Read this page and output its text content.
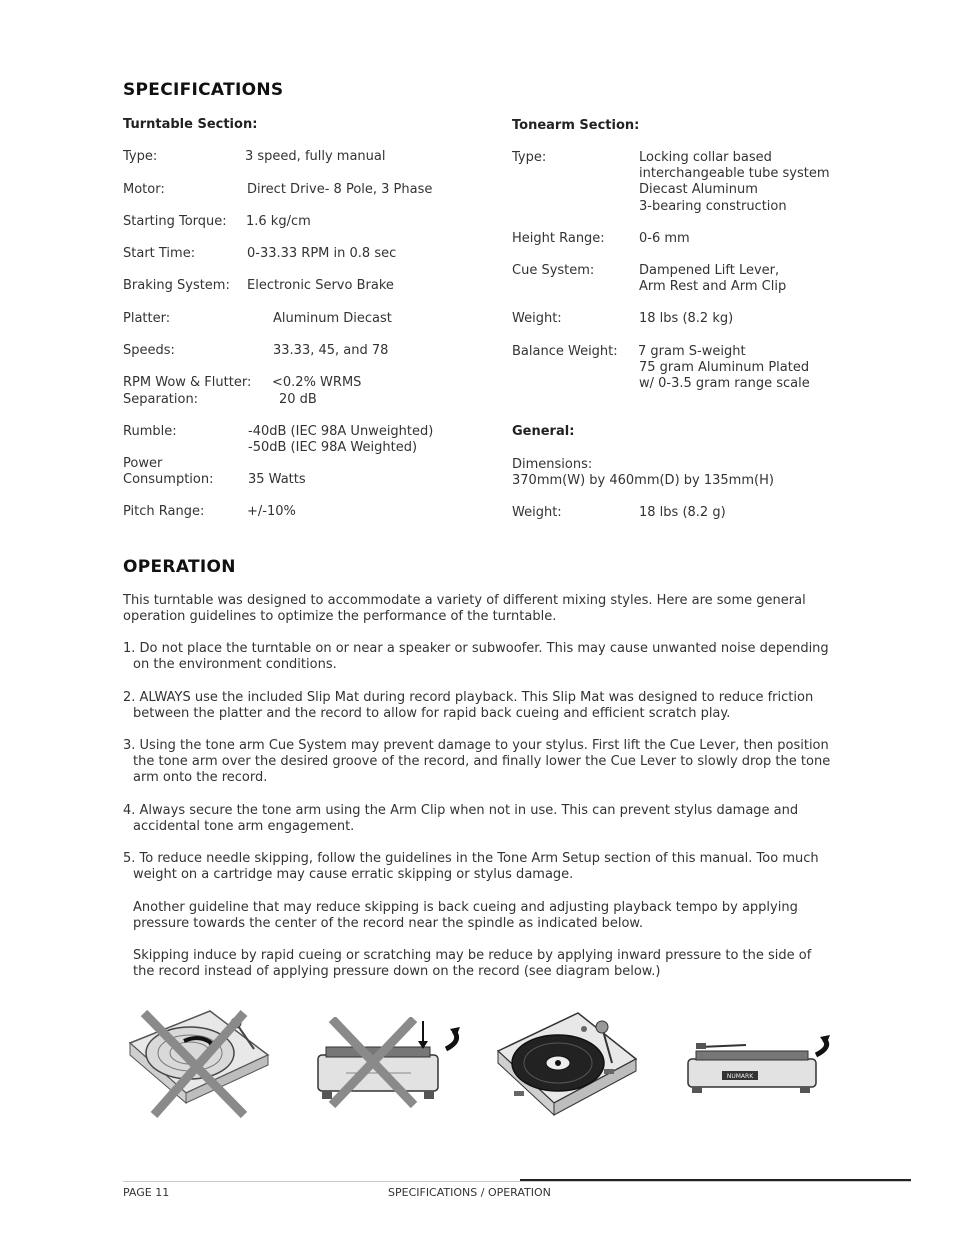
SPECIFICATIONS
Turntable Section:
Type:	3 speed, fully manual
Motor:	Direct Drive- 8 Pole, 3 Phase
Starting Torque: 1.6 kg/cm
Start Time:	0-33.33 RPM in 0.8 sec
Braking System: Electronic Servo Brake
Platter:	Aluminum Diecast
Speeds:	33.33, 45, and 78
RPM Wow & Flutter: <0.2% WRMS
Separation:	20 dB
Rumble:	-40dB (IEC 98A Unweighted)
-50dB (IEC 98A Weighted)
Power
Consumption:	35 Watts
Pitch Range:	+/-10%
Tonearm Section:
Type:	Locking collar based
interchangeable tube system
Diecast Aluminum
3-bearing construction
Height Range:	0-6 mm
Cue System:	Dampened Lift Lever,
Arm Rest and Arm Clip
Weight:	18 lbs (8.2 kg)
Balance Weight: 7 gram S-weight
75 gram Aluminum Plated
w/ 0-3.5 gram range scale
General:
Dimensions:
370mm(W) by 460mm(D) by 135mm(H)
Weight:	18 lbs (8.2 g)
OPERATION
This turntable was designed to accommodate a variety of different mixing styles. Here are some general operation guidelines to optimize the performance of the turntable.
1. Do not place the turntable on or near a speaker or subwoofer. This may cause unwanted noise depending on the environment conditions.
2. ALWAYS use the included Slip Mat during record playback. This Slip Mat was designed to reduce friction between the platter and the record to allow for rapid back cueing and efficient scratch play.
3. Using the tone arm Cue System may prevent damage to your stylus. First lift the Cue Lever, then position the tone arm over the desired groove of the record, and finally lower the Cue Lever to slowly drop the tone arm onto the record.
4. Always secure the tone arm using the Arm Clip when not in use. This can prevent stylus damage and accidental tone arm engagement.
5. To reduce needle skipping, follow the guidelines in the Tone Arm Setup section of this manual. Too much weight on a cartridge may cause erratic skipping or stylus damage.
Another guideline that may reduce skipping is back cueing and adjusting playback tempo by applying pressure towards the center of the record near the spindle as indicated below.
Skipping induce by rapid cueing or scratching may be reduce by applying inward pressure to the side of the record instead of applying pressure down on the record (see diagram below.)
NUMARK
PAGE 11	SPECIFICATIONS / OPERATION
